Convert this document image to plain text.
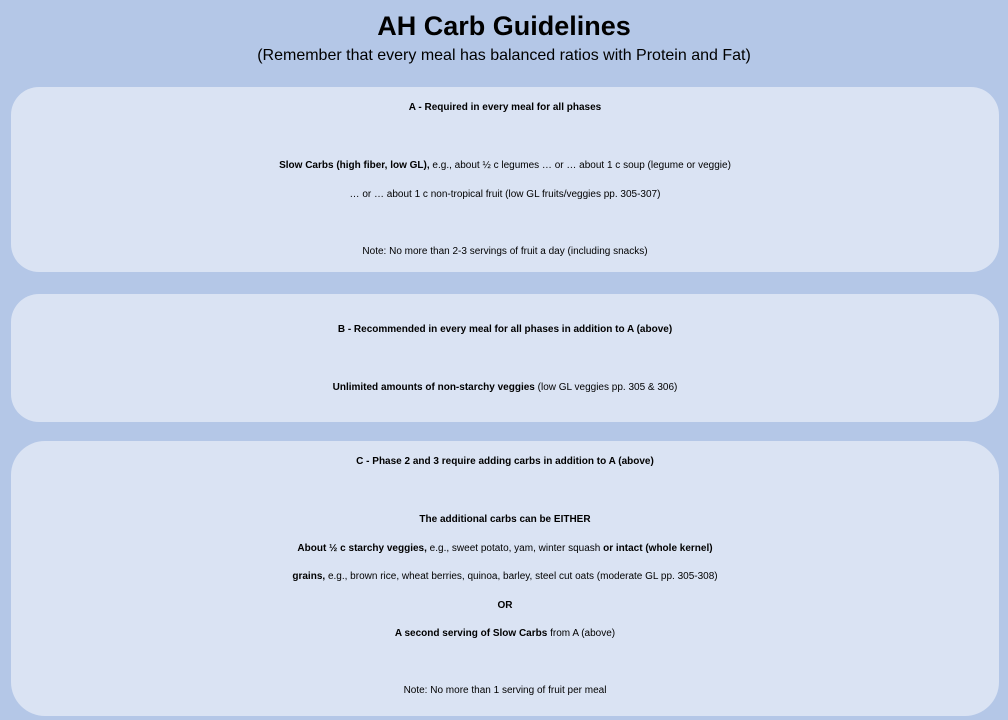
AH Carb Guidelines
(Remember that every meal has balanced ratios with Protein and Fat)
A - Required in every meal for all phases
Slow Carbs (high fiber, low GL), e.g., about ½ c legumes … or … about 1 c soup (legume or veggie)
… or … about 1 c non-tropical fruit (low GL fruits/veggies pp. 305-307)
Note: No more than 2-3 servings of fruit a day (including snacks)
B - Recommended in every meal for all phases in addition to A (above)
Unlimited amounts of non-starchy veggies (low GL veggies pp. 305 & 306)
C - Phase 2 and 3 require adding carbs in addition to A (above)
The additional carbs can be EITHER
About ½ c starchy veggies, e.g., sweet potato, yam, winter squash or intact (whole kernel)
grains, e.g., brown rice, wheat berries, quinoa, barley, steel cut oats (moderate GL pp. 305-308)
OR
A second serving of Slow Carbs from A (above)
Note: No more than 1 serving of fruit per meal
